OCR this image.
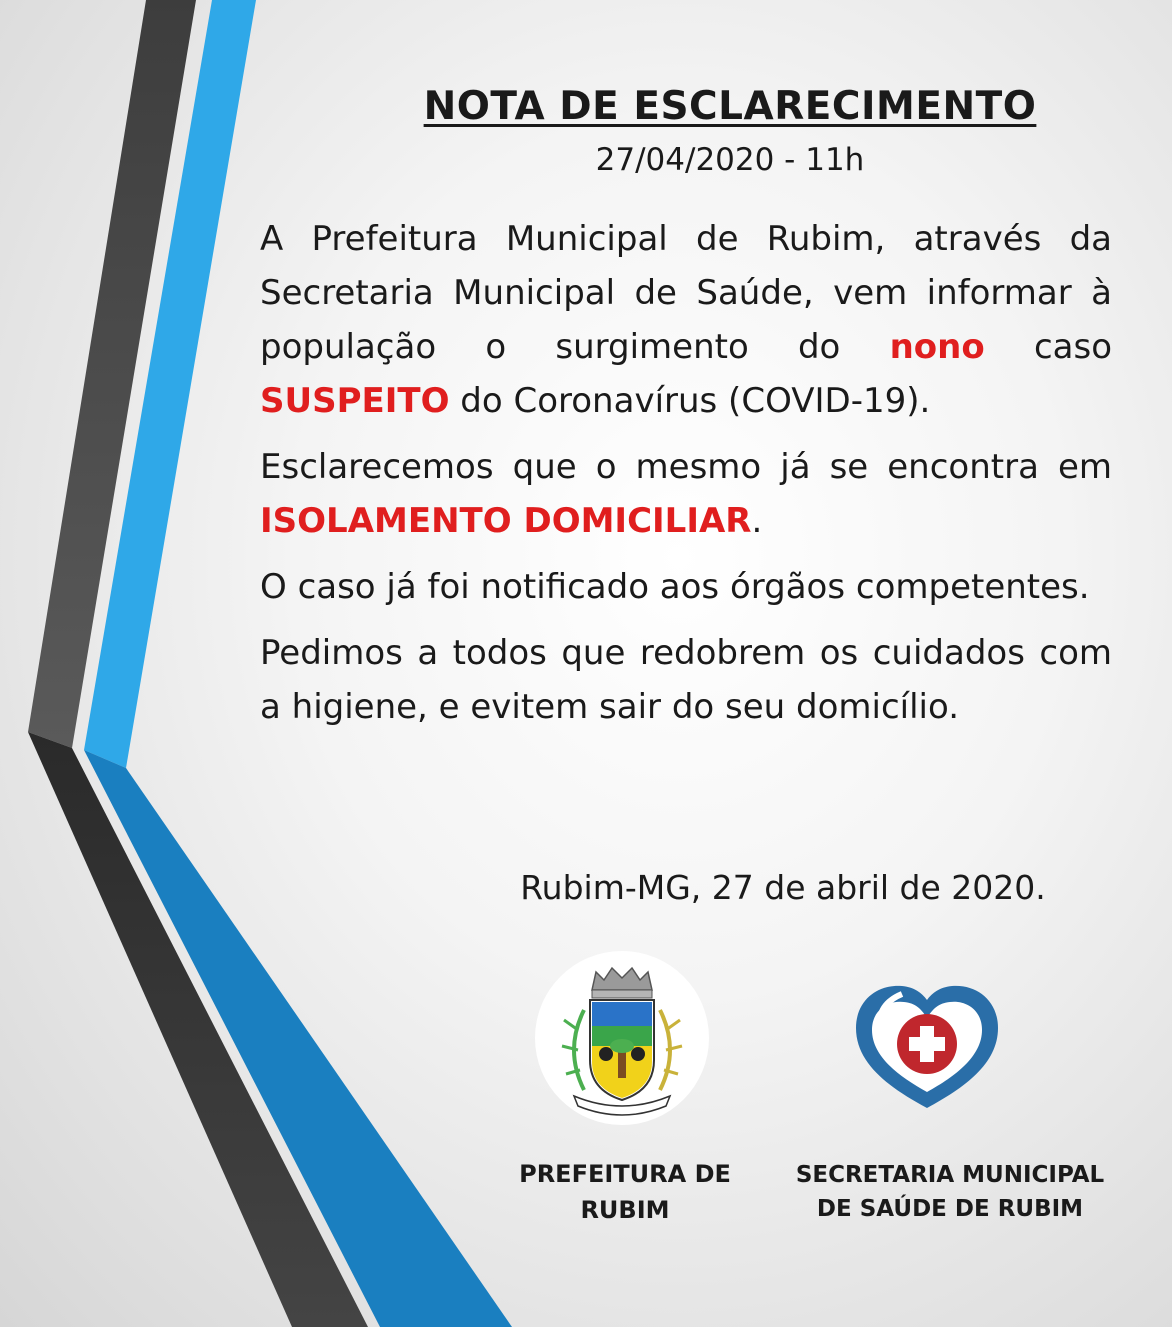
NOTA DE ESCLARECIMENTO
27/04/2020 - 11h

A Prefeitura Municipal de Rubim, através da Secretaria Municipal de Saúde, vem informar à população o surgimento do nono caso SUSPEITO do Coronavírus (COVID-19).

Esclarecemos que o mesmo já se encontra em ISOLAMENTO DOMICILIAR.

O caso já foi notificado aos órgãos competentes.

Pedimos a todos que redobrem os cuidados com a higiene, e evitem sair do seu domicílio.

Rubim-MG, 27 de abril de 2020.
PREFEITURA DE
RUBIM
SECRETARIA MUNICIPAL
DE SAÚDE DE RUBIM
